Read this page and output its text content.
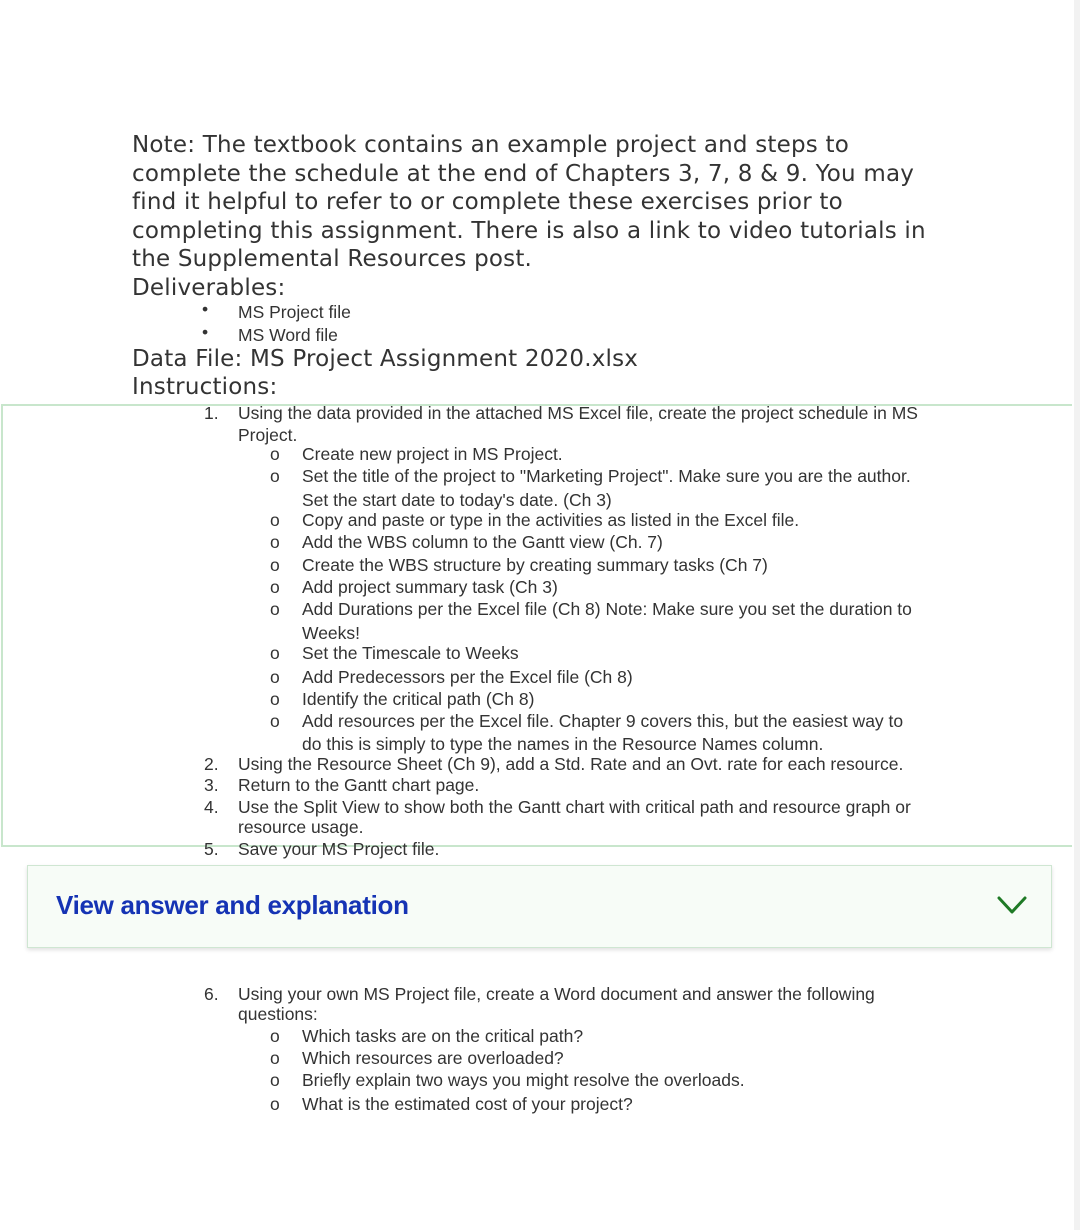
Note: The textbook contains an example project and steps to complete the schedule at the end of Chapters 3, 7, 8 & 9. You may find it helpful to refer to or complete these exercises prior to completing this assignment. There is also a link to video tutorials in the Supplemental Resources post.

Deliverables:

• MS Project file
• MS Word file

Data File: MS Project Assignment 2020.xlsx

Instructions:

1. Using the data provided in the attached MS Excel file, create the project schedule in MS
Project.
o Create new project in MS Project.
o Set the title of the project to "Marketing Project". Make sure you are the author.
Set the start date to today's date. (Ch 3)
o Copy and paste or type in the activities as listed in the Excel file.
o Add the WBS column to the Gantt view (Ch. 7)
o Create the WBS structure by creating summary tasks (Ch 7)
o Add project summary task (Ch 3)
o Add Durations per the Excel file (Ch 8) Note: Make sure you set the duration to
Weeks!
o Set the Timescale to Weeks
o Add Predecessors per the Excel file (Ch 8)
o Identify the critical path (Ch 8)
o Add resources per the Excel file. Chapter 9 covers this, but the easiest way to
do this is simply to type the names in the Resource Names column.
2. Using the Resource Sheet (Ch 9), add a Std. Rate and an Ovt. rate for each resource.
3. Return to the Gantt chart page.
4. Use the Split View to show both the Gantt chart with critical path and resource graph or
resource usage.
5. Save your MS Project file.
6. Using your own MS Project file, create a Word document and answer the following
questions:
o Which tasks are on the critical path?
o Which resources are overloaded?
o Briefly explain two ways you might resolve the overloads.
o What is the estimated cost of your project?
View answer and explanation
